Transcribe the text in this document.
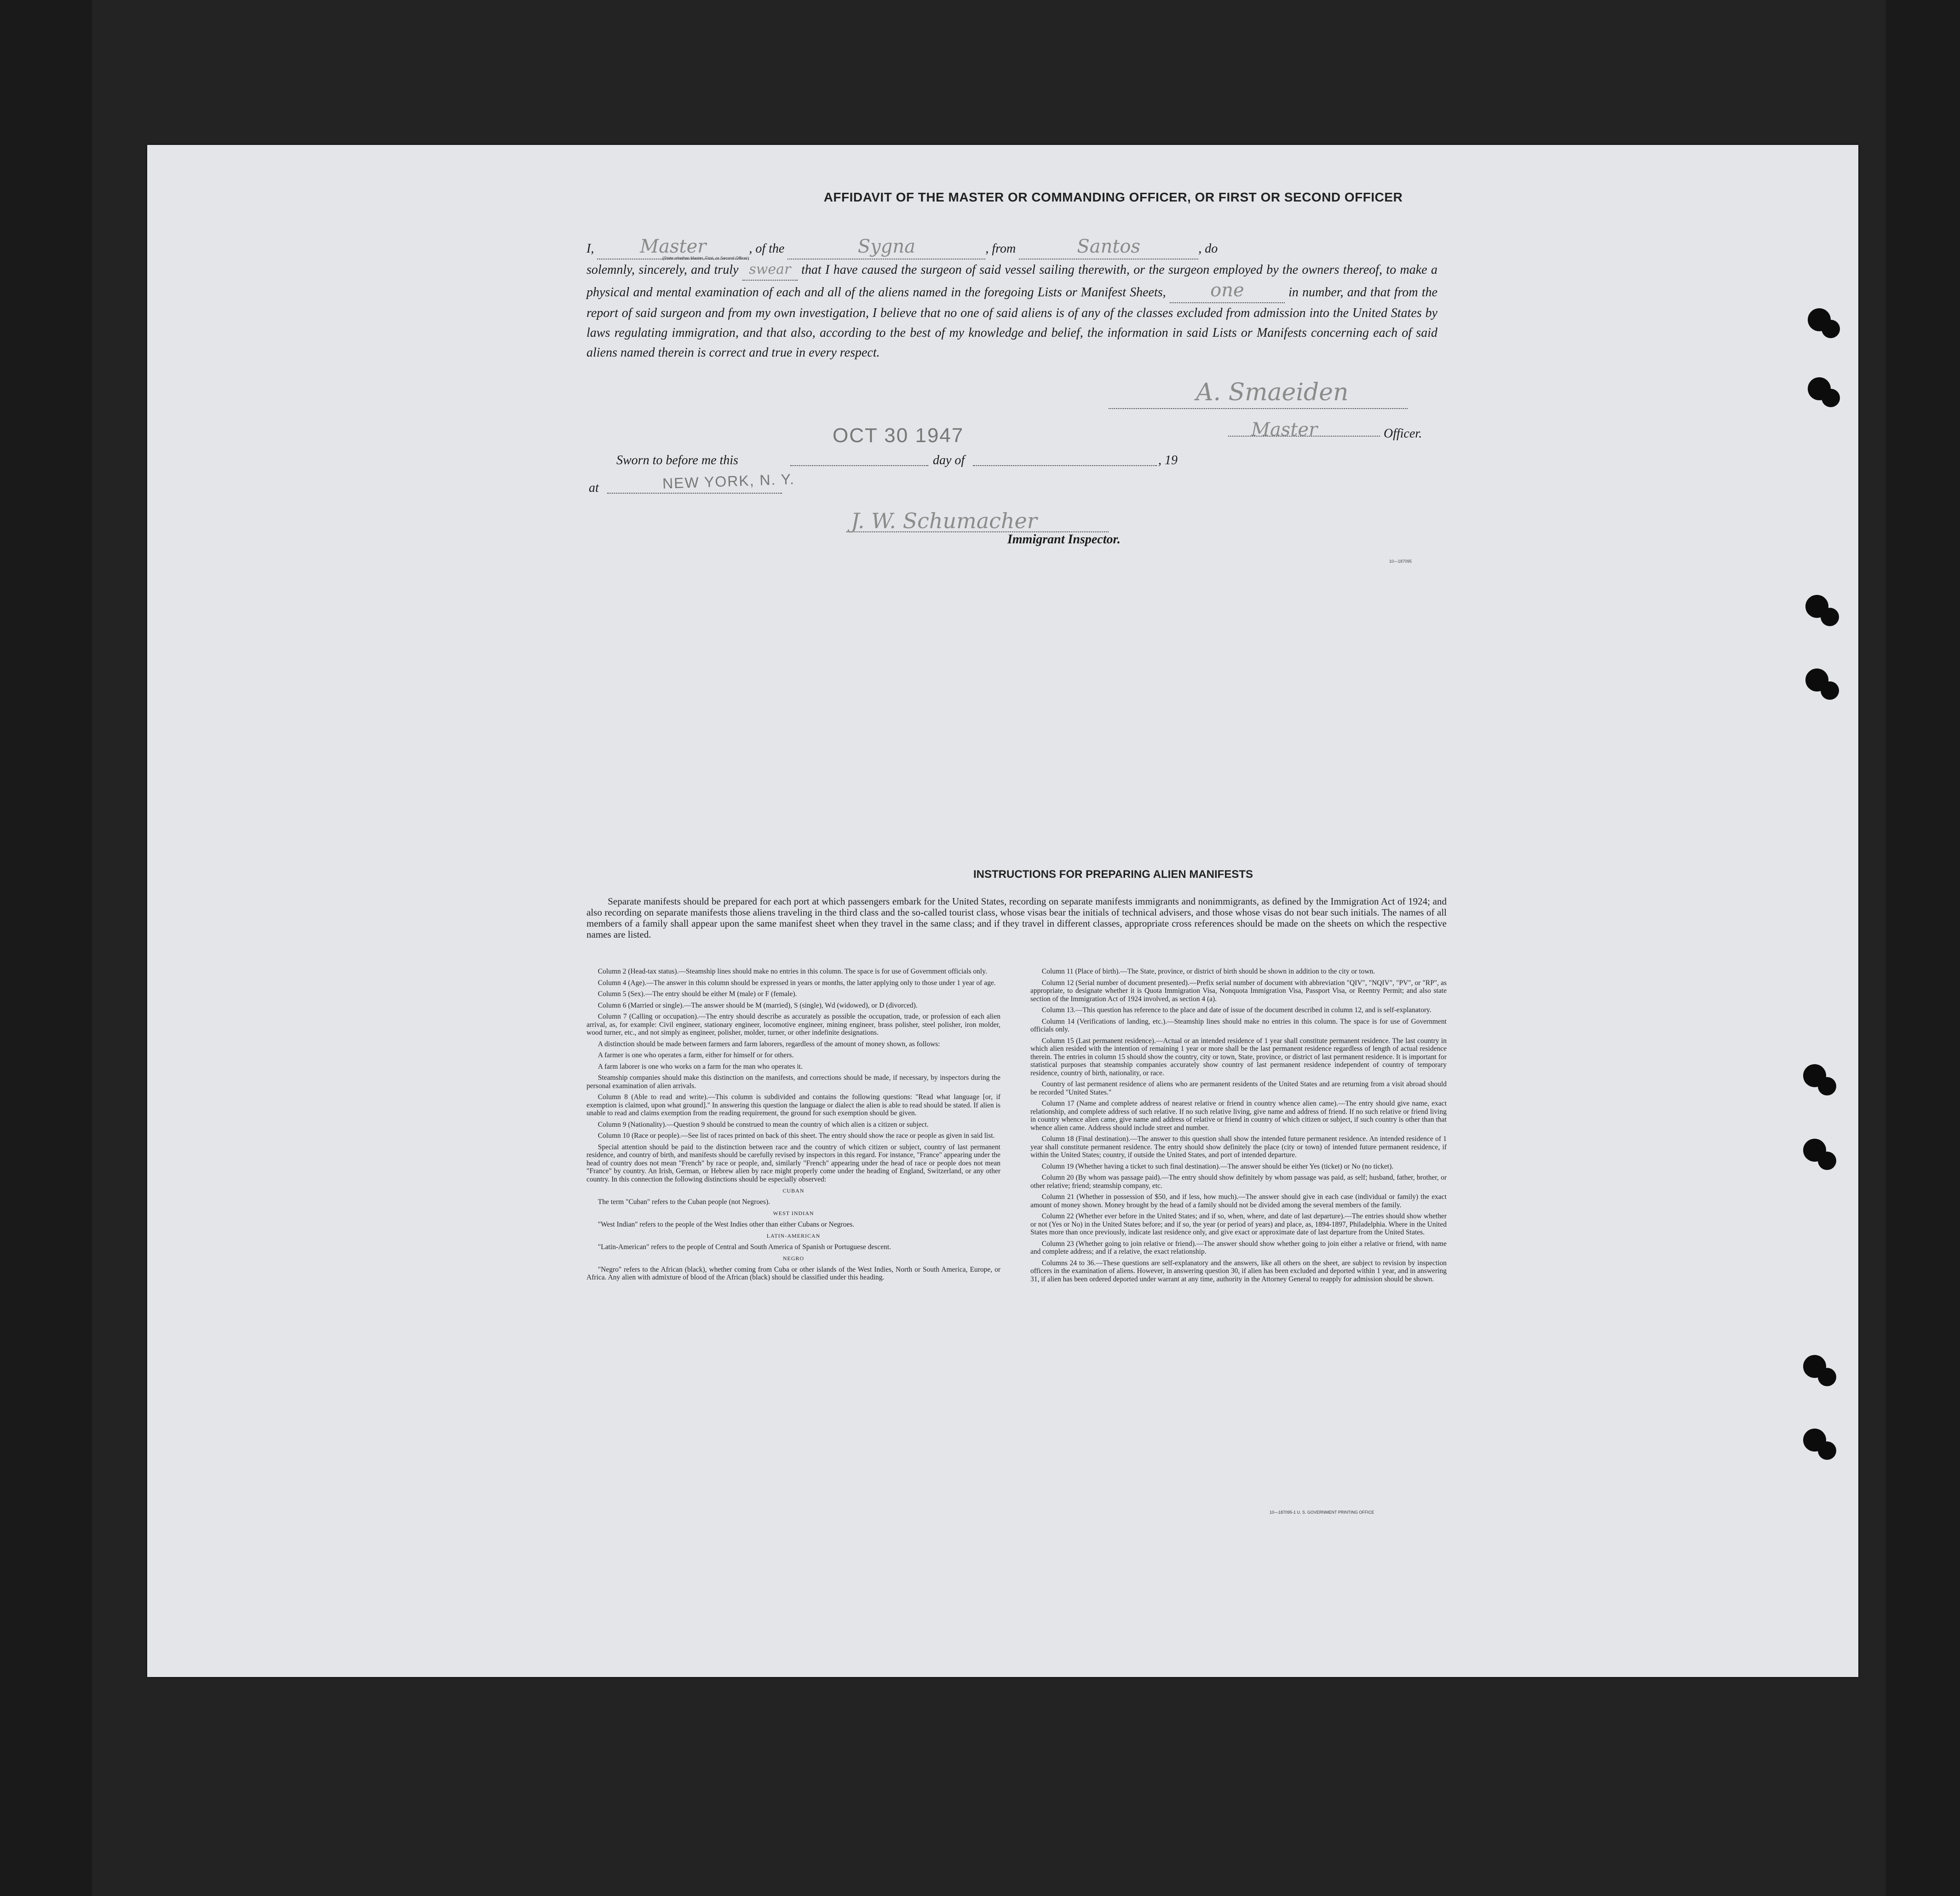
AFFIDAVIT OF THE MASTER OR COMMANDING OFFICER, OR FIRST OR SECOND OFFICER
I, Master	, of the	Sygna	, from	Santos	, do
solemnly, sincerely, and truly swear that I have caused the surgeon of said vessel sailing therewith, or the surgeon employed by the owners thereof, to make a physical and mental examination of each and all of the aliens named in the foregoing Lists or Manifest Sheets, one	in number, and that from the report of said surgeon and from my own investigation, I believe that no one of said aliens is of any of the classes excluded from admission into the United States by laws regulating immigration, and that also, according to the best of my knowledge and belief, the information in said Lists or Manifests concerning each of said aliens named therein is correct and true in every respect.
(State whether Master, First, or Second Officer)
A. Smaeiden
Master	Officer.
OCT 30 1947
Sworn to before me this	day of	, 19
at	NEW YORK, N. Y.
J. W. Schumacher
Immigrant Inspector.
10—187095
INSTRUCTIONS FOR PREPARING ALIEN MANIFESTS
Separate manifests should be prepared for each port at which passengers embark for the United States, recording on separate manifests immigrants and nonimmigrants, as defined by the Immigration Act of 1924; and also recording on separate manifests those aliens traveling in the third class and the so-called tourist class, whose visas bear the initials of technical advisers, and those whose visas do not bear such initials. The names of all members of a family shall appear upon the same manifest sheet when they travel in the same class; and if they travel in different classes, appropriate cross references should be made on the sheets on which the respective names are listed.

Column 2 (Head-tax status).—Steamship lines should make no entries in this column. The space is for use of Government officials only.

Column 4 (Age).—The answer in this column should be expressed in years or months, the latter applying only to those under 1 year of age.

Column 5 (Sex).—The entry should be either M (male) or F (female).

Column 6 (Married or single).—The answer should be M (married), S (single), Wd (widowed), or D (divorced).

Column 7 (Calling or occupation).—The entry should describe as accurately as possible the occupation, trade, or profession of each alien arrival, as, for example: Civil engineer, stationary engineer, locomotive engineer, mining engineer, brass polisher, steel polisher, iron molder, wood turner, etc., and not simply as engineer, polisher, molder, turner, or other indefinite designations.

A distinction should be made between farmers and farm laborers, regardless of the amount of money shown, as follows:

A farmer is one who operates a farm, either for himself or for others.

A farm laborer is one who works on a farm for the man who operates it.

Steamship companies should make this distinction on the manifests, and corrections should be made, if necessary, by inspectors during the personal examination of alien arrivals.

Column 8 (Able to read and write).—This column is subdivided and contains the following questions: "Read what language [or, if exemption is claimed, upon what ground]." In answering this question the language or dialect the alien is able to read should be stated. If alien is unable to read and claims exemption from the reading requirement, the ground for such exemption should be given.

Column 9 (Nationality).—Question 9 should be construed to mean the country of which alien is a citizen or subject.

Column 10 (Race or people).—See list of races printed on back of this sheet. The entry should show the race or people as given in said list.

Special attention should be paid to the distinction between race and the country of which citizen or subject, country of last permanent residence, and country of birth, and manifests should be carefully revised by inspectors in this regard. For instance, "France" appearing under the head of country does not mean "French" by race or people, and, similarly "French" appearing under the head of race or people does not mean "France" by country. An Irish, German, or Hebrew alien by race might properly come under the heading of England, Switzerland, or any other country. In this connection the following distinctions should be especially observed:

CUBAN

The term "Cuban" refers to the Cuban people (not Negroes).

WEST INDIAN

"West Indian" refers to the people of the West Indies other than either Cubans or Negroes.

LATIN-AMERICAN

"Latin-American" refers to the people of Central and South America of Spanish or Portuguese descent.

NEGRO

"Negro" refers to the African (black), whether coming from Cuba or other islands of the West Indies, North or South America, Europe, or Africa. Any alien with admixture of blood of the African (black) should be classified under this heading.

Column 11 (Place of birth).—The State, province, or district of birth should be shown in addition to the city or town.

Column 12 (Serial number of document presented).—Prefix serial number of document with abbreviation "QIV", "NQIV", "PV", or "RP", as appropriate, to designate whether it is Quota Immigration Visa, Nonquota Immigration Visa, Passport Visa, or Reentry Permit; and also state section of the Immigration Act of 1924 involved, as section 4 (a).

Column 13.—This question has reference to the place and date of issue of the document described in column 12, and is self-explanatory.

Column 14 (Verifications of landing, etc.).—Steamship lines should make no entries in this column. The space is for use of Government officials only.

Column 15 (Last permanent residence).—Actual or an intended residence of 1 year shall constitute permanent residence. The last country in which alien resided with the intention of remaining 1 year or more shall be the last permanent residence regardless of length of actual residence therein. The entries in column 15 should show the country, city or town, State, province, or district of last permanent residence. It is important for statistical purposes that steamship companies accurately show country of last permanent residence independent of country of temporary residence, country of birth, nationality, or race.

Country of last permanent residence of aliens who are permanent residents of the United States and are returning from a visit abroad should be recorded "United States."

Column 17 (Name and complete address of nearest relative or friend in country whence alien came).—The entry should give name, exact relationship, and complete address of such relative. If no such relative living, give name and address of friend. If no such relative or friend living in country whence alien came, give name and address of relative or friend in country of which citizen or subject, if such country is other than that whence alien came. Address should include street and number.

Column 18 (Final destination).—The answer to this question shall show the intended future permanent residence. An intended residence of 1 year shall constitute permanent residence. The entry should show definitely the place (city or town) of intended future permanent residence, if within the United States; country, if outside the United States, and port of intended departure.

Column 19 (Whether having a ticket to such final destination).—The answer should be either Yes (ticket) or No (no ticket).

Column 20 (By whom was passage paid).—The entry should show definitely by whom passage was paid, as self; husband, father, brother, or other relative; friend; steamship company, etc.

Column 21 (Whether in possession of $50, and if less, how much).—The answer should give in each case (individual or family) the exact amount of money shown. Money brought by the head of a family should not be divided among the several members of the family.

Column 22 (Whether ever before in the United States; and if so, when, where, and date of last departure).—The entries should show whether or not (Yes or No) in the United States before; and if so, the year (or period of years) and place, as, 1894-1897, Philadelphia. Where in the United States more than once previously, indicate last residence only, and give exact or approximate date of last departure from the United States.

Column 23 (Whether going to join relative or friend).—The answer should show whether going to join either a relative or friend, with name and complete address; and if a relative, the exact relationship.

Columns 24 to 36.—These questions are self-explanatory and the answers, like all others on the sheet, are subject to revision by inspection officers in the examination of aliens. However, in answering question 30, if alien has been excluded and deported within 1 year, and in answering 31, if alien has been ordered deported under warrant at any time, authority in the Attorney General to reapply for admission should be shown.

10—187095-1 U. S. GOVERNMENT PRINTING OFFICE
